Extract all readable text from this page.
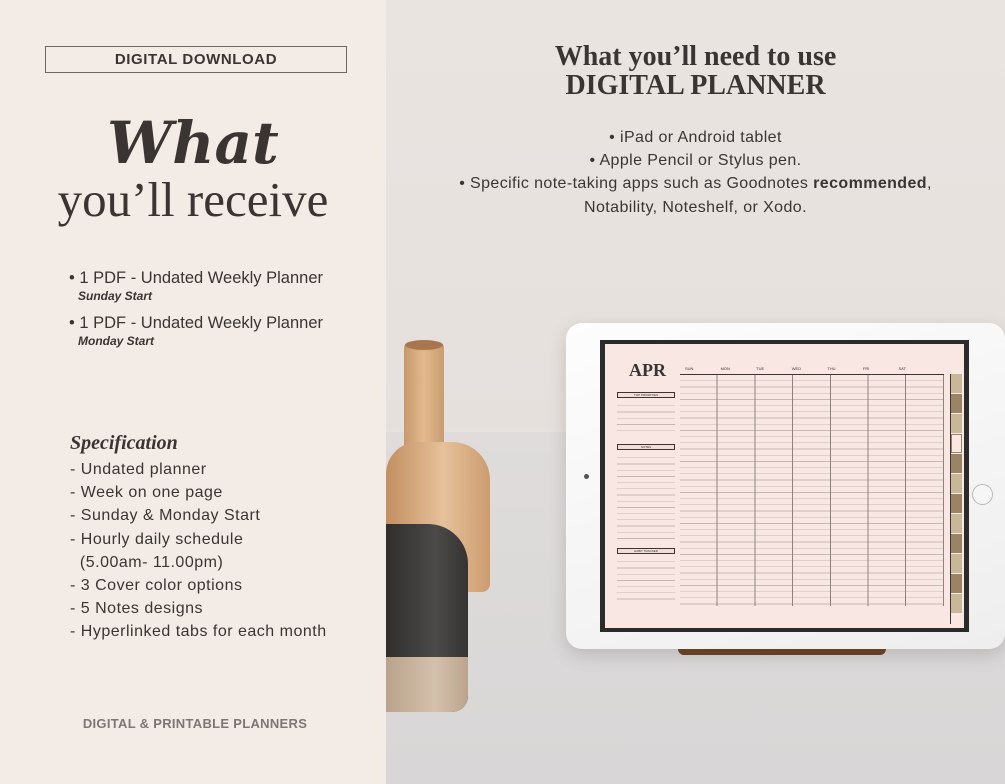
DIGITAL DOWNLOAD
What
you’ll receive
• 1 PDF - Undated Weekly Planner
Sunday Start
• 1 PDF - Undated Weekly Planner
Monday Start
Specification
- Undated planner
- Week on one page
- Sunday & Monday Start
- Hourly daily schedule
(5.00am- 11.00pm)
- 3 Cover color options
- 5 Notes designs
- Hyperlinked tabs for each month
DIGITAL & PRINTABLE PLANNERS
What you’ll need to use
DIGITAL PLANNER
• iPad or Android tablet
• Apple Pencil or Stylus pen.
• Specific note-taking apps such as Goodnotes recommended,
Notability, Noteshelf, or Xodo.
APR	SUN	MON	TUE	WED	THU	FRI	SAT
TOP PRIORITIES
NOTES
HABIT TRACKER
